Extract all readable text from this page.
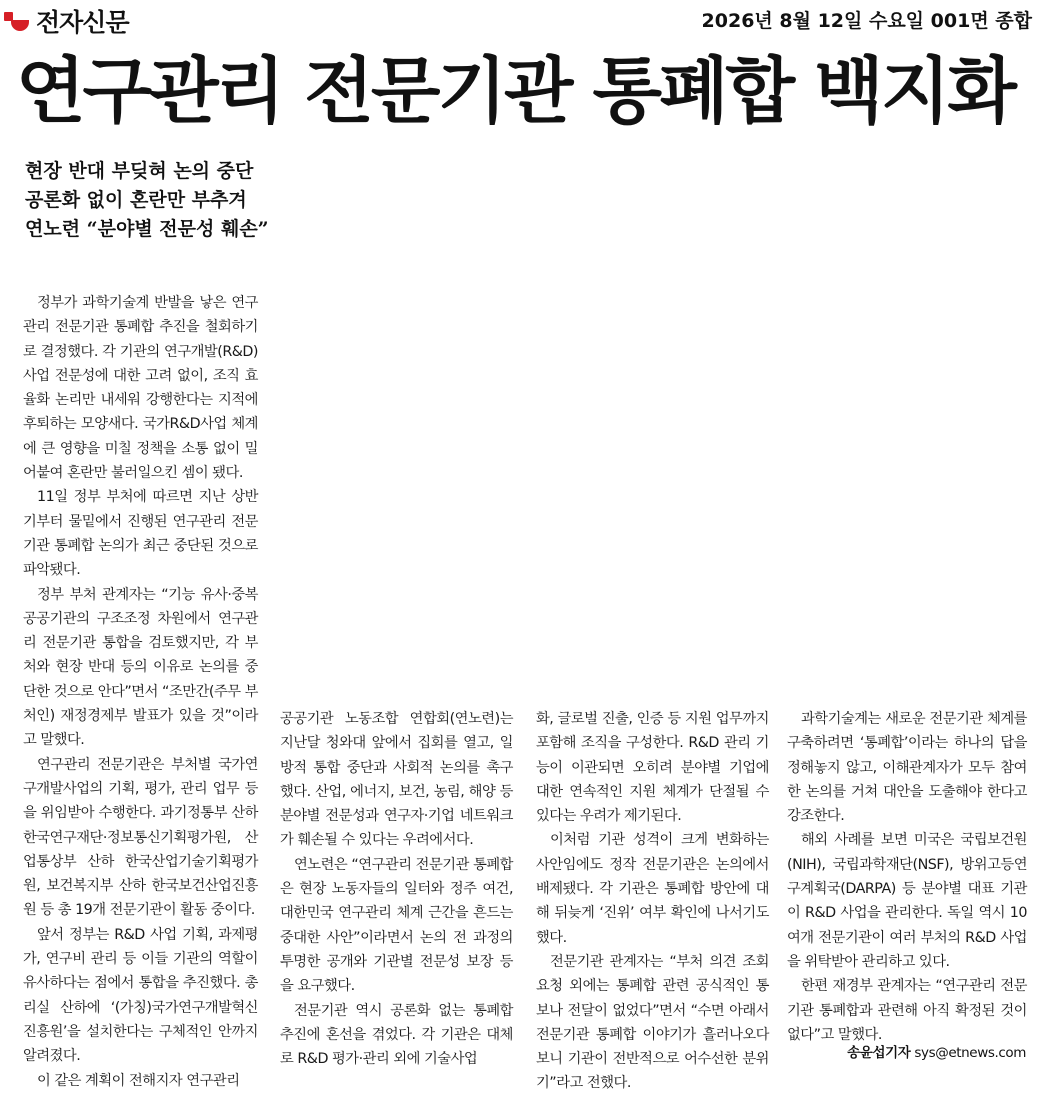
전자신문	2026년 8월 12일 수요일 001면 종합
연구관리 전문기관 통폐합 백지화
현장 반대 부딪혀 논의 중단
공론화 없이 혼란만 부추겨
연노련 “분야별 전문성 훼손”

정부가 과학기술계 반발을 낳은 연구관리 전문기관 통폐합 추진을 철회하기로 결정했다. 각 기관의 연구개발(R&D) 사업 전문성에 대한 고려 없이, 조직 효율화 논리만 내세워 강행한다는 지적에 후퇴하는 모양새다. 국가R&D사업 체계에 큰 영향을 미칠 정책을 소통 없이 밀어붙여 혼란만 불러일으킨 셈이 됐다.

11일 정부 부처에 따르면 지난 상반기부터 물밑에서 진행된 연구관리 전문기관 통폐합 논의가 최근 중단된 것으로 파악됐다.

정부 부처 관계자는 “기능 유사·중복 공공기관의 구조조정 차원에서 연구관리 전문기관 통합을 검토했지만, 각 부처와 현장 반대 등의 이유로 논의를 중단한 것으로 안다”면서 “조만간(주무 부처인) 재정경제부 발표가 있을 것”이라고 말했다.

연구관리 전문기관은 부처별 국가연구개발사업의 기획, 평가, 관리 업무 등을 위임받아 수행한다. 과기정통부 산하 한국연구재단·정보통신기획평가원, 산업통상부 산하 한국산업기술기획평가원, 보건복지부 산하 한국보건산업진흥원 등 총 19개 전문기관이 활동 중이다.

앞서 정부는 R&D 사업 기획, 과제평가, 연구비 관리 등 이들 기관의 역할이 유사하다는 점에서 통합을 추진했다. 총리실 산하에 ‘(가칭)국가연구개발혁신진흥원’을 설치한다는 구체적인 안까지 알려졌다.

이 같은 계획이 전해지자 연구관리

공공기관 노동조합 연합회(연노련)는 지난달 청와대 앞에서 집회를 열고, 일방적 통합 중단과 사회적 논의를 촉구했다. 산업, 에너지, 보건, 농림, 해양 등 분야별 전문성과 연구자·기업 네트워크가 훼손될 수 있다는 우려에서다.

연노련은 “연구관리 전문기관 통폐합은 현장 노동자들의 일터와 정주 여건, 대한민국 연구관리 체계 근간을 흔드는 중대한 사안”이라면서 논의 전 과정의 투명한 공개와 기관별 전문성 보장 등을 요구했다.

전문기관 역시 공론화 없는 통폐합 추진에 혼선을 겪었다. 각 기관은 대체로 R&D 평가·관리 외에 기술사업

화, 글로벌 진출, 인증 등 지원 업무까지 포함해 조직을 구성한다. R&D 관리 기능이 이관되면 오히려 분야별 기업에 대한 연속적인 지원 체계가 단절될 수 있다는 우려가 제기된다.

이처럼 기관 성격이 크게 변화하는 사안임에도 정작 전문기관은 논의에서 배제됐다. 각 기관은 통폐합 방안에 대해 뒤늦게 ‘진위’ 여부 확인에 나서기도 했다.

전문기관 관계자는 “부처 의견 조회 요청 외에는 통폐합 관련 공식적인 통보나 전달이 없었다”면서 “수면 아래서 전문기관 통폐합 이야기가 흘러나오다 보니 기관이 전반적으로 어수선한 분위기”라고 전했다.

과학기술계는 새로운 전문기관 체계를 구축하려면 ‘통폐합’이라는 하나의 답을 정해놓지 않고, 이해관계자가 모두 참여한 논의를 거쳐 대안을 도출해야 한다고 강조한다.

해외 사례를 보면 미국은 국립보건원(NIH), 국립과학재단(NSF), 방위고등연구계획국(DARPA) 등 분야별 대표 기관이 R&D 사업을 관리한다. 독일 역시 10여개 전문기관이 여러 부처의 R&D 사업을 위탁받아 관리하고 있다.

한편 재경부 관계자는 “연구관리 전문기관 통폐합과 관련해 아직 확정된 것이 없다”고 말했다.

송윤섭기자 sys@etnews.com
